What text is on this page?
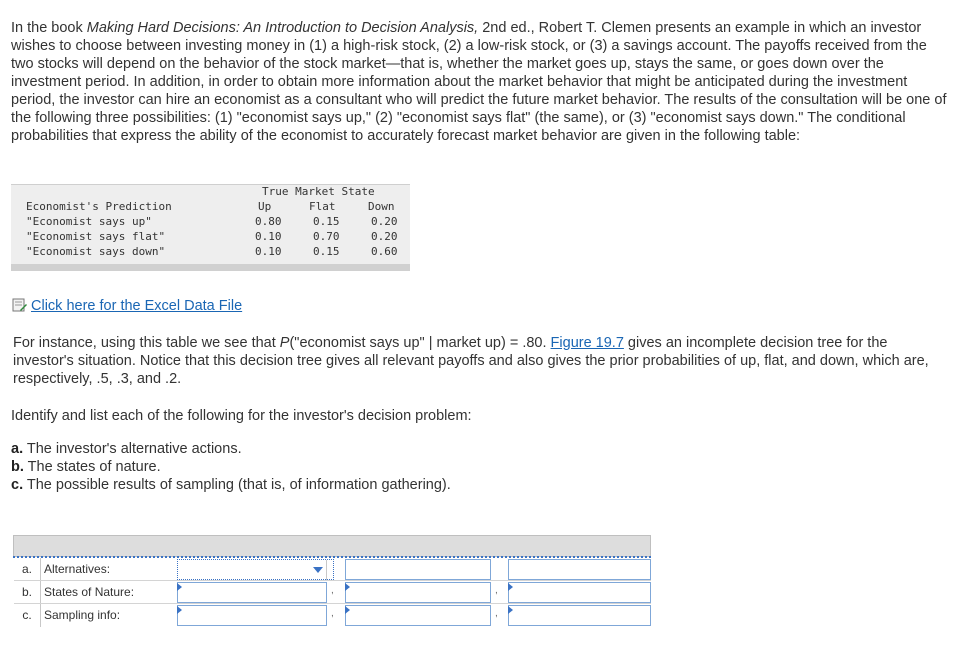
In the book Making Hard Decisions: An Introduction to Decision Analysis, 2nd ed., Robert T. Clemen presents an example in which an investor wishes to choose between investing money in (1) a high-risk stock, (2) a low-risk stock, or (3) a savings account. The payoffs received from the two stocks will depend on the behavior of the stock market—that is, whether the market goes up, stays the same, or goes down over the investment period. In addition, in order to obtain more information about the market behavior that might be anticipated during the investment period, the investor can hire an economist as a consultant who will predict the future market behavior. The results of the consultation will be one of the following three possibilities: (1) "economist says up," (2) "economist says flat" (the same), or (3) "economist says down." The conditional probabilities that express the ability of the economist to accurately forecast market behavior are given in the following table:
True Market State
Economist's Prediction	Up	Flat	Down
"Economist says up"	0.80	0.15	0.20
"Economist says flat"	0.10	0.70	0.20
"Economist says down"	0.10	0.15	0.60
Click here for the Excel Data File
For instance, using this table we see that P("economist says up" | market up) = .80. Figure 19.7 gives an incomplete decision tree for the investor's situation. Notice that this decision tree gives all relevant payoffs and also gives the prior probabilities of up, flat, and down, which are, respectively, .5, .3, and .2.
Identify and list each of the following for the investor's decision problem:
a. The investor's alternative actions.
b. The states of nature.
c. The possible results of sampling (that is, of information gathering).
a.	Alternatives:
b.	States of Nature:	,	,
c.	Sampling info:	,	,
